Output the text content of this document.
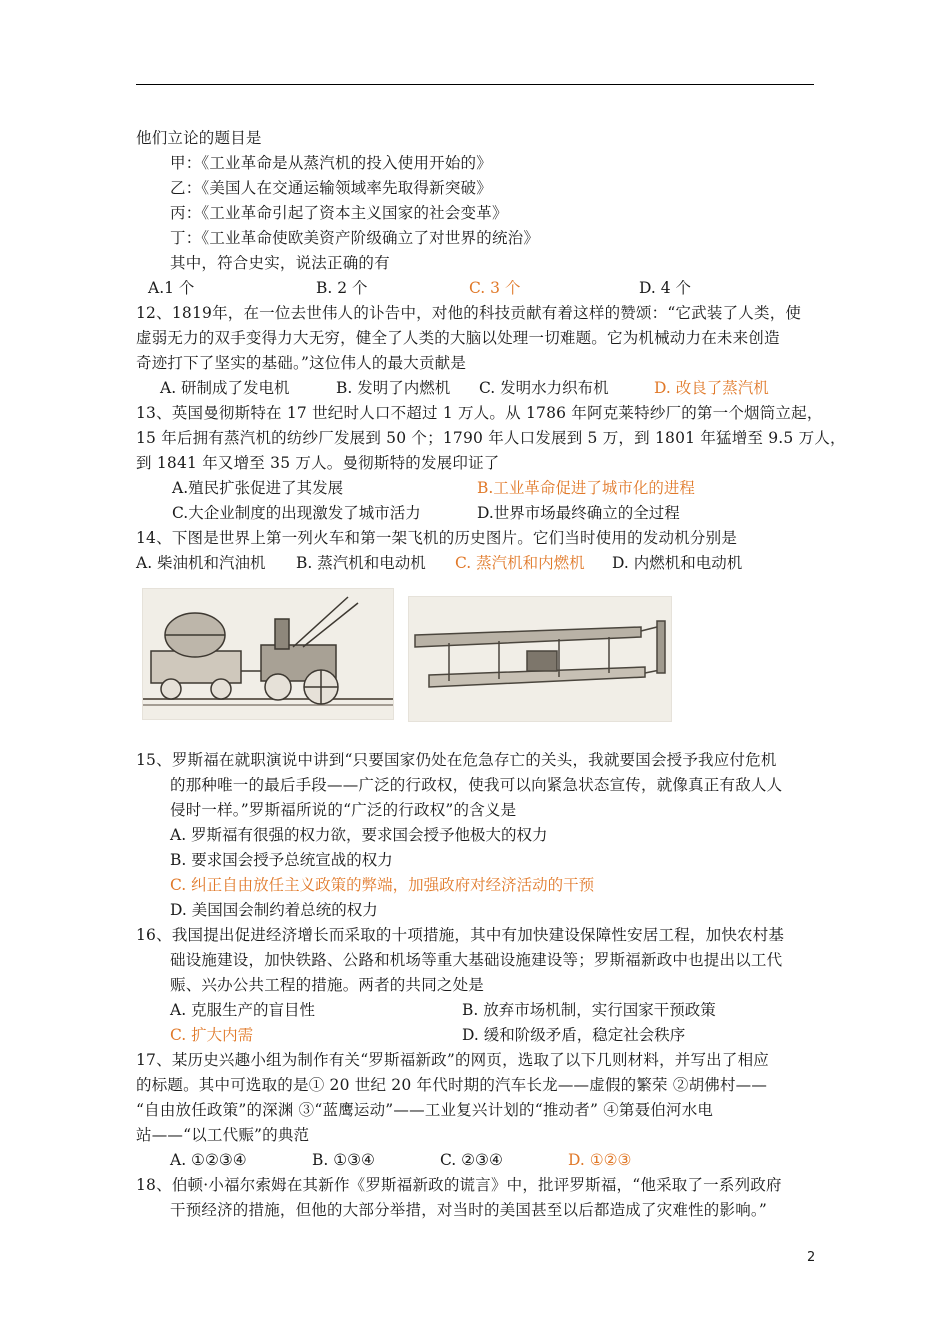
他们立论的题目是
甲：《工业革命是从蒸汽机的投入使用开始的》
乙：《美国人在交通运输领域率先取得新突破》
丙：《工业革命引起了资本主义国家的社会变革》
丁：《工业革命使欧美资产阶级确立了对世界的统治》
其中，符合史实，说法正确的有
A.1 个	B. 2 个	C. 3 个	D. 4 个
12、1819年，在一位去世伟人的讣告中，对他的科技贡献有着这样的赞颂：“它武装了人类，使
虚弱无力的双手变得力大无穷，健全了人类的大脑以处理一切难题。它为机械动力在未来创造
奇迹打下了坚实的基础。”这位伟人的最大贡献是
A. 研制成了发电机	B. 发明了内燃机 C. 发明水力织布机	D. 改良了蒸汽机
13、英国曼彻斯特在 17 世纪时人口不超过 1 万人。从 1786 年阿克莱特纱厂的第一个烟筒立起，
15 年后拥有蒸汽机的纺纱厂发展到 50 个；1790 年人口发展到 5 万，到 1801 年猛增至 9.5 万人，
到 1841 年又增至 35 万人。曼彻斯特的发展印证了
A.殖民扩张促进了其发展	B.工业革命促进了城市化的进程
C.大企业制度的出现激发了城市活力	D.世界市场最终确立的全过程
14、下图是世界上第一列火车和第一架飞机的历史图片。它们当时使用的发动机分别是
A. 柴油机和汽油机 B. 蒸汽机和电动机 C. 蒸汽机和内燃机 D. 内燃机和电动机
15、罗斯福在就职演说中讲到“只要国家仍处在危急存亡的关头，我就要国会授予我应付危机
的那种唯一的最后手段——广泛的行政权，使我可以向紧急状态宣传，就像真正有敌人人
侵时一样。”罗斯福所说的“广泛的行政权”的含义是
A. 罗斯福有很强的权力欲，要求国会授予他极大的权力
B. 要求国会授予总统宣战的权力
C. 纠正自由放任主义政策的弊端，加强政府对经济活动的干预
D. 美国国会制约着总统的权力
16、我国提出促进经济增长而采取的十项措施，其中有加快建设保障性安居工程，加快农村基
础设施建设，加快铁路、公路和机场等重大基础设施建设等；罗斯福新政中也提出以工代
赈、兴办公共工程的措施。两者的共同之处是
A. 克服生产的盲目性	B. 放弃市场机制，实行国家干预政策
C. 扩大内需	D. 缓和阶级矛盾，稳定社会秩序
17、某历史兴趣小组为制作有关“罗斯福新政”的网页，选取了以下几则材料，并写出了相应
的标题。其中可选取的是① 20 世纪 20 年代时期的汽车长龙——虚假的繁荣 ②胡佛村——
“自由放任政策”的深渊 ③“蓝鹰运动”——工业复兴计划的“推动者” ④第聂伯河水电
站——“以工代赈”的典范
A. ①②③④	B. ①③④	C. ②③④	D. ①②③
18、伯顿·小福尔索姆在其新作《罗斯福新政的谎言》中，批评罗斯福，“他采取了一系列政府
干预经济的措施，但他的大部分举措，对当时的美国甚至以后都造成了灾难性的影响。”
2
